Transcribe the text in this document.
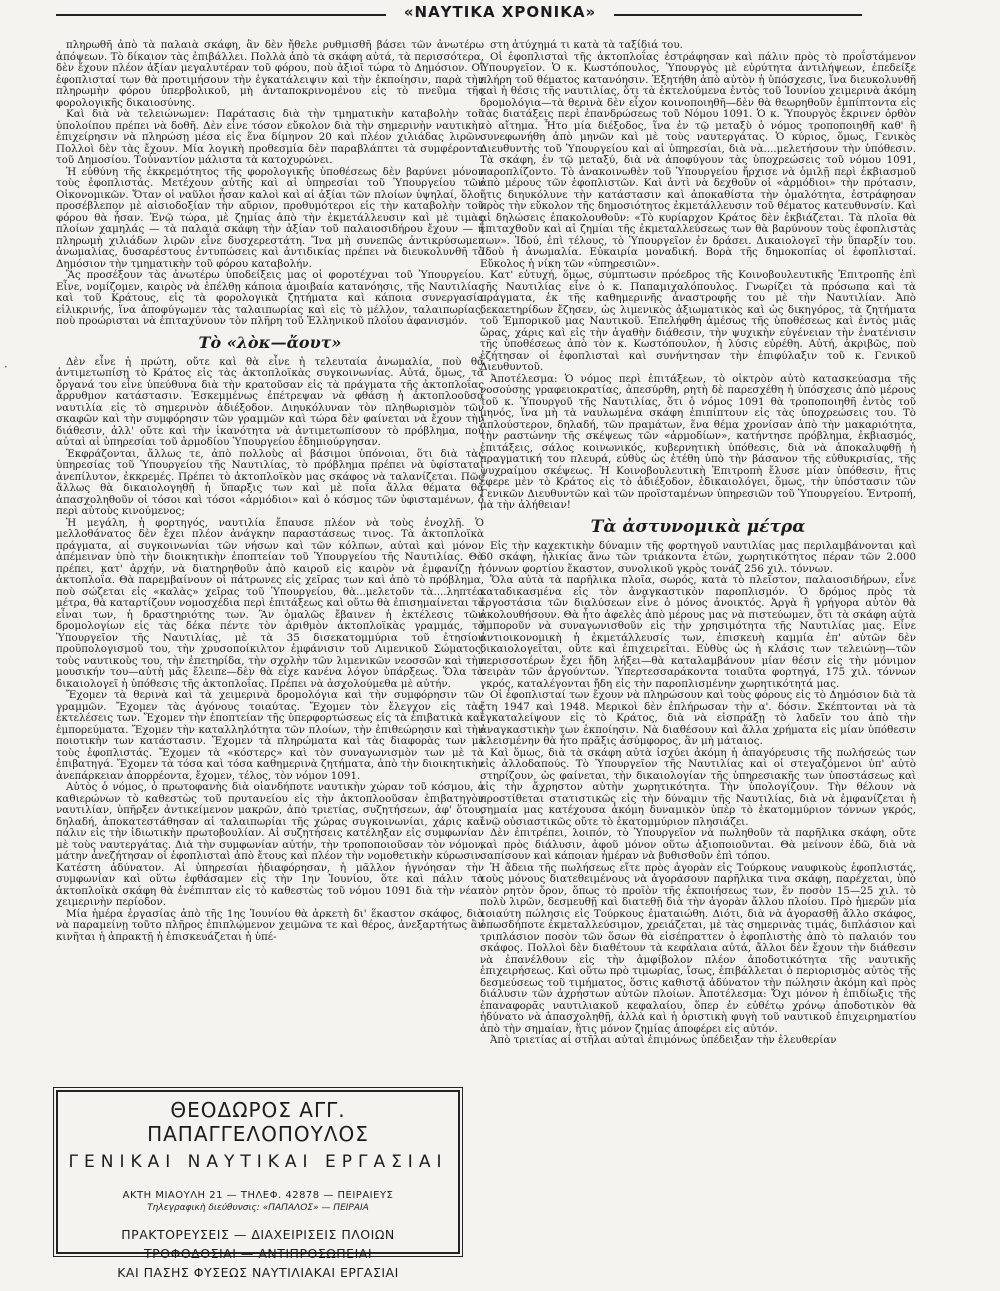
«ΝΑΥΤΙΚΑ ΧΡΟΝΙΚΑ»
·

πληρωθῆ ἀπὸ τὰ παλαιὰ σκάφη, ἂν δὲν ἤθελε ρυθμισθῆ βάσει τῶν ἀνωτέρω ἀπόψεων. Τὸ δίκαιον τὰς ἐπιβάλλει. Πολλὰ ἀπὸ τὰ σκάφη αὐτά, τὰ περισσότερα, δὲν ἔχουν πλέον ἀξίαν μεγαλυτέραν τοῦ φόρου, ποὺ ἀξιοῖ τώρα τὸ Δημόσιον. Οἱ ἐφοπλισταί των θὰ προτιμήσουν τὴν ἐγκατάλειψιν καὶ τὴν ἐκποίησιν, παρὰ τὴν πληρωμὴν φόρου ὑπερβολικοῦ, μὴ ἀνταποκρινομένου εἰς τὸ πνεῦμα τῆς φορολογικῆς δικαιοσύνης.

Καὶ διὰ νὰ τελειώνωμεν: Παράτασις διὰ τὴν τμηματικὴν καταβολὴν τοῦ ὑπολοίπου πρέπει νὰ δοθῆ. Δὲν εἶνε τόσον εὔκολον διὰ τὴν σημερινὴν ναυτικὴν ἐπιχείρησιν νὰ πληρώσῃ μέσα εἰς ἕνα δίμηνον 20 καὶ πλέον χιλιάδας λιρῶν. Πολλοὶ δὲν τὰς ἔχουν. Μία λογικὴ προθεσμία δὲν παραβλάπτει τὰ συμφέροντα τοῦ Δημοσίου. Τοὐναντίον μάλιστα τὰ κατοχυρώνει.

Ἡ εὐθύνη τῆς ἐκκρεμότητος τῆς φορολογικῆς ὑποθέσεως δὲν βαρύνει μόνον τοὺς ἐφοπλιστάς. Μετέχουν αὐτῆς καὶ αἱ ὑπηρεσίαι τοῦ Ὑπουργείου τῶν Οἰκονομικῶν. Ὅταν οἱ ναῦλοι ἦσαν καλοὶ καὶ αἱ ἀξίαι τῶν πλοίων ὑψηλαί, ὅλοι προσέβλεπον μὲ αἰσιοδοξίαν τὴν αὔριον, προθυμότεροι εἰς τὴν καταβολὴν τοῦ φόρου θὰ ἦσαν. Ἐνῷ τώρα, μὲ ζημίας ἀπὸ τὴν ἐκμετάλλευσιν καὶ μὲ τιμὰς πλοίων χαμηλάς — τὰ παλαιὰ σκάφη τὴν ἀξίαν τοῦ παλαιοσιδήρου ἔχουν — ἡ πληρωμὴ χιλιάδων λιρῶν εἶνε δυσχερεστάτη. Ἵνα μὴ συνεπῶς ἀντικρύσωμεν ἀνωμαλίας, δυσαρέστους ἐντυπώσεις καὶ ἀντιδικίας πρέπει νὰ διευκολυνθῆ τὸ Δημόσιον τὴν τμηματικὴν τοῦ φόρου καταβολήν.

Ἂς προσέξουν τὰς ἀνωτέρω ὑποδείξεις μας οἱ φοροτέχναι τοῦ Ὑπουργείου. Εἶνε, νομίζομεν, καιρὸς νὰ ἐπέλθῃ κάποια ἀμοιβαία κατανόησις, τῆς Ναυτιλίας καὶ τοῦ Κράτους, εἰς τὰ φορολογικὰ ζητήματα καὶ κάποια συνεργασία εἰλικρινής, ἵνα ἀποφύγωμεν τὰς ταλαιπωρίας καὶ εἰς τὸ μέλλον, ταλαιπωρίας, ποὺ προώρισται νὰ ἐπιταχύνουν τὸν πλῆρη τοῦ Ἑλληνικοῦ πλοΐου ἀφανισμόν.

Τὸ «λὸκ—ἄουτ»

Δὲν εἶνε ἡ πρώτη, οὔτε καὶ θὰ εἶνε ἡ τελευταία ἀνωμαλία, ποὺ θὰ ἀντιμετωπίσῃ τὸ Κράτος εἰς τὰς ἀκτοπλοϊκὰς συγκοινωνίας. Αὐτά, ὅμως, τὰ ὄργανά του εἶνε ὑπεύθυνα διὰ τὴν κρατοῦσαν εἰς τὰ πράγματα τῆς ἀκτοπλοΐας ἄρρυθμον κατάστασιν. Ἐσκεμμένως ἐπέτρεψαν νὰ φθάσῃ ἡ ἀκτοπλοοῦσα ναυτιλία εἰς τὸ σημερινὸν ἀδιέξοδον. Διηυκόλυναν τὸν πληθωρισμὸν τῶν σκαφῶν καὶ τὴν συμφόρησιν τῶν γραμμῶν καὶ τώρα δὲν φαίνεται νὰ ἔχουν τὴν διάθεσιν, ἀλλ' οὔτε καὶ τὴν ἱκανότητα νὰ ἀντιμετωπίσουν τὸ πρόβλημα, ποὺ αὐταὶ αἱ ὑπηρεσίαι τοῦ ἁρμοδίου Ὑπουργείου ἐδημιούργησαν.

Ἐκφράζονται, ἄλλως τε, ἀπὸ πολλοὺς αἱ βάσιμοι ὑπόνοιαι, ὅτι διὰ τὰς ὑπηρεσίας τοῦ Ὑπουργείου τῆς Ναυτιλίας, τὸ πρόβλημα πρέπει νὰ ὑφίσταται ἀνεπίλυτον, ἐκκρεμές. Πρέπει τὸ ἀκτοπλοϊκὸν μας σκάφος νὰ ταλανίζεται. Πῶς ἄλλως θὰ δικαιολογηθῆ ἡ ὕπαρξις των καὶ μὲ ποῖα ἄλλα θέματα θὰ ἀπασχοληθοῦν οἱ τόσοι καὶ τόσοι «ἁρμόδιοι» καὶ ὁ κόσμος τῶν ὑφισταμένων, ὁ περὶ αὐτοὺς κινούμενος;

Ἡ μεγάλη, ἡ φορτηγός, ναυτιλία ἔπαυσε πλέον νὰ τοὺς ἐνοχλῇ. Ὁ μελλοθάνατος δὲν ἔχει πλέον ἀνάγκην παραστάσεως τινος. Τὰ ἀκτοπλοϊκὰ πράγματα, αἱ συγκοινωνίαι τῶν νήσων καὶ τῶν κόλπων, αὐταὶ καὶ μόνον ἀπέμειναν ὑπὸ τὴν διοικητικὴν ἐποπτείαν τοῦ Ὑπουργείου τῆς Ναυτιλίας. Θὰ πρέπει, κατ' ἀρχήν, νὰ διατηρηθοῦν ἀπὸ καιροῦ εἰς καιρὸν νὰ ἐμφανίζῃ ἡ ἀκτοπλοΐα. Θὰ παρεμβαίνουν οἱ πάτρωνες εἰς χεῖρας των καὶ ἀπὸ τὸ πρόβλημα, ποὺ σώζεται εἰς «καλὰς» χεῖρας τοῦ Ὑπουργείου, θὰ...μελετοῦν τὰ....ληπτέα μέτρα, θὰ καταρτίζουν νομοσχέδια περὶ ἐπιτάξεως καὶ οὕτω θὰ ἐπισημαίνεται τὸ εἶναι των, ἡ δραστηριότης των. Ἂν ὁμαλῶς ἔβαινεν ἡ ἐκτέλεσις τῶν δρομολογίων εἰς τὰς δέκα πέντε τὸν ἀριθμὸν ἀκτοπλοϊκὰς γραμμάς, τὸ Ὑπουργεῖον τῆς Ναυτιλίας, μὲ τὰ 35 δισεκατομμύρια τοῦ ἐτησίου προϋπολογισμοῦ του, τὴν χρυσοποίκιλτον ἐμφάνισιν τοῦ Λιμενικοῦ Σώματος, τοὺς ναυτικοὺς του, τὴν ἐπετηρίδα, τὴν σχολὴν τῶν λιμενικῶν νεοσσῶν καὶ τὴν μουσικήν του—αὐτὴ μᾶς ἔλειπε—δὲν θὰ εἶχε κανένα λόγον ὑπάρξεως. Ὅλα τὰ δικαιολογεῖ ἡ ὑπόθεσις τῆς ἀκτοπλοΐας. Πρέπει νὰ ἀσχολούμεθα μὲ αὐτήν.

Ἔχομεν τὰ θερινὰ καὶ τὰ χειμερινὰ δρομολόγια καὶ τὴν συμφόρησιν τῶν γραμμῶν. Ἔχομεν τὰς ἀγόνους τοιαύτας. Ἔχομεν τὸν ἔλεγχον εἰς τὰς ἐκτελέσεις των. Ἔχομεν τὴν ἐποπτείαν τῆς ὑπερφορτώσεως εἰς τὰ ἐπιβατικὰ καὶ ἐμπορεύματα. Ἔχομεν τὴν καταλληλότητα τῶν πλοίων, τὴν ἐπιθεώρησιν καὶ τὴν ποιοτικὴν των κατάστασιν. Ἔχομεν τὰ πληρώματα καὶ τὰς διαφορὰς των μὲ τοὺς ἐφοπλιστάς. Ἔχομεν τὰ «κόστερς» καὶ τὸν συναγωνισμὸν των μὲ τὰ ἐπιβατηγά. Ἔχομεν τὰ τόσα καὶ τόσα καθημερινὰ ζητήματα, ἀπὸ τὴν διοικητικὴν ἀνεπάρκειαν ἀπορρέοντα, ἔχομεν, τέλος, τὸν νόμον 1091.

Αὐτὸς ὁ νόμος, ὁ πρωτοφανὴς διὰ οἱανδήποτε ναυτικὴν χώραν τοῦ κόσμου, ὁ καθιερώνων τὸ καθεστὼς τοῦ πρυτανείου εἰς τὴν ἀκτοπλοοῦσαν ἐπιβατηγὸν ναυτιλίαν, ὑπῆρξεν ἀντικείμενον μακρῶν, ἀπὸ τριετίας, συζητήσεων, ἀφ' ὅτου, δηλαδή, ἀποκατεστάθησαν αἱ ταλαιπωρίαι τῆς χώρας συγκοινωνίαι, χάρις καὶ πάλιν εἰς τὴν ἰδιωτικὴν πρωτοβουλίαν. Αἱ συζητήσεις κατέληξαν εἰς συμφωνίαν μὲ τοὺς ναυτεργάτας. Διὰ τὴν συμφωνίαν αὐτήν, τὴν τροποποιοῦσαν τὸν νόμον, μάτην ἀνεζήτησαν οἱ ἐφοπλισταὶ ἀπὸ ἔτους καὶ πλέον τὴν νομοθετικὴν κύρωσιν. Κατέστη ἀδύνατον. Αἱ ὑπηρεσίαι ἠδιαφόρησαν, ἡ μᾶλλον ἠγνόησαν τὴν συμφωνίαν καὶ οὕτω ἐφθάσαμεν εἰς τὴν 1ην Ἰουνίου, ὅτε καὶ πάλιν τὰ ἀκτοπλοϊκὰ σκάφη θὰ ἐνέπιπταν εἰς τὸ καθεστὼς τοῦ νόμου 1091 διὰ τὴν νέαν χειμερινὴν περίοδον.

Μία ἡμέρα ἐργασίας ἀπὸ τῆς 1ης Ἰουνίου θὰ ἀρκετὴ δι' ἕκαστον σκάφος, διὰ νὰ παραμείνῃ τοῦτο πλῆρος ἐπιπλῴμενον χειμῶνα τε καὶ θέρος, ἀνεξαρτήτως ἂν κινῆται ἡ ἀπρακτῇ ἡ ἐπισκευάζεται ἡ ὑπέ-

ΘΕΟΔΩΡΟΣ ΑΓΓ. ΠΑΠΑΓΓΕΛΟΠΟΥΛΟΣ
ΓΕΝΙΚΑΙ ΝΑΥΤΙΚΑΙ ΕΡΓΑΣΙΑΙ
ΑΚΤΗ ΜΙΑΟΥΛΗ 21 — ΤΗΛΕΦ. 42878 — ΠΕΙΡΑΙΕΥΣ
Τηλεγραφικὴ διεύθυνσις: «ΠΑΠΑΛΟΣ» — ΠΕΙΡΑΙΑ
ΠΡΑΚΤΟΡΕΥΣΕΙΣ — ΔΙΑΧΕΙΡΙΣΕΙΣ ΠΛΟΙΩΝ
ΤΡΟΦΟΔΟΣΙΑΙ — ΑΝΤΙΠΡΟΣΩΠΕΙΑΙ
ΚΑΙ ΠΑΣΗΣ ΦΥΣΕΩΣ ΝΑΥΤΙΛΙΑΚΑΙ ΕΡΓΑΣΙΑΙ

στη ἀτύχημά τι κατὰ τὰ ταξίδιά του.

Οἱ ἐφοπλισταὶ τῆς ἀκτοπλοΐας ἐστράφησαν καὶ πάλιν πρὸς τὸ προΐστάμενον Ὑπουργεῖον. Ὁ κ. Κωστόπουλος, Ὑπουργὸς μὲ εὐρύτητα ἀντιλήψεων, ἐπεδείξε πλήρη τοῦ θέματος κατανόησιν. Ἐξητήθη ἀπὸ αὐτὸν ἡ ὑπόσχεσις, ἵνα διευκολυνθῆ καὶ ἡ θέσις τῆς ναυτιλίας, ὅτι τὰ ἐκτελούμενα ἐντὸς τοῦ Ἰουνίου χειμερινὰ ἀκόμη δρομολόγια—τὰ θερινὰ δὲν εἶχον κοινοποιηθῆ—δὲν θὰ θεωρηθοῦν ἐμπίπτοντα εἰς τὰς διατάξεις περὶ ἐπανδρώσεως τοῦ Νόμου 1091. Ὁ κ. Ὑπουργὸς ἔκρινεν ὀρθὸν τὸ αἴτημα. Ἦτο μία διέξοδος, ἵνα ἐν τῷ μεταξὺ ὁ νόμος τροποποιηθῆ καθ' ἣ συνεφωνήθη ἀπὸ μηνῶν καὶ μὲ τοὺς ναυτεργάτας. Ὁ κύριος, ὅμως, Γενικὸς Διευθυντὴς τοῦ Ὑπουργείου καὶ αἱ ὑπηρεσίαι, διὰ νὰ....μελετήσουν τὴν ὑπόθεσιν. Τὰ σκάφη, ἐν τῷ μεταξύ, διὰ νὰ ἀποφύγουν τὰς ὑποχρεώσεις τοῦ νόμου 1091, παροπλίζοντο. Τὸ ἀνακοινωθὲν τοῦ Ὑπουργείου ἤρχισε νὰ ὁμιλῇ περὶ ἐκβιασμοῦ ἀπὸ μέρους τῶν ἐφοπλιστῶν. Καὶ ἀντὶ νὰ δεχθοῦν οἱ «ἁρμόδιοι» τὴν πρότασιν, ἥτις διηυκόλυνε τὴν κατάστασιν καὶ ἀποκαθίστα τὴν ὁμαλότητα, ἐστράφησαν πρὸς τὴν εὔκολον τῆς δημοσιότητος ἐκμετάλλευσιν τοῦ θέματος κατευθυνσίν. Καὶ αἱ δηλώσεις ἐπακολουθοῦν: «Τὸ κυρίαρχον Κράτος δὲν ἐκβιάζεται. Τὰ πλοῖα θὰ ἐπιταχθοῦν καὶ αἱ ζημίαι τῆς ἐκμεταλλεύσεως των θὰ βαρύνουν τοὺς ἐφοπλιστὰς των». Ἰδού, ἐπὶ τέλους, τὸ Ὑπουργεῖον ἐν δράσει. Δικαιολογεῖ τὴν ὕπαρξίν του. Ἰδοὺ ἡ ἀνωμαλία. Εὐκαιρία μοναδική. Βορὰ τῆς δημοκοπίας οἱ ἐφοπλισταί. Εὔκολος ἡ νίκη τῶν «ὑπηρεσιῶν».

Κατ' εὐτυχή, ὅμως, σύμπτωσιν πρόεδρος τῆς Κοινοβουλευτικῆς Ἐπιτροπῆς ἐπὶ τῆς Ναυτιλίας εἶνε ὁ κ. Παπαμιχαλόπουλος. Γνωρίζει τὰ πρόσωπα καὶ τὰ πράγματα, ἐκ τῆς καθημερινῆς ἀναστροφῆς του μὲ τὴν Ναυτιλίαν. Ἀπὸ δεκαετηρίδων ἔζησεν, ὡς λιμενικὸς ἀξιωματικὸς καὶ ὡς δικηγόρος, τὰ ζητήματα τοῦ Ἐμπορικοῦ μας Ναυτικοῦ. Ἐπελήφθη ἀμέσως τῆς ὑποθέσεως καὶ ἐντὸς μιᾶς ὥρας, χάρις καὶ εἰς τὴν ἀγαθὴν διάθεσιν, τὴν ψυχικὴν εὐγένειαν τὴν ἐνατένισιν τῆς ὑποθέσεως ἀπὸ τὸν κ. Κωστόπουλον, ἡ λύσις εὑρέθη. Αὐτή, ἀκριβῶς, ποὺ ἐζήτησαν οἱ ἐφοπλισταὶ καὶ συνήντησαν τὴν ἐπιφύλαξιν τοῦ κ. Γενικοῦ Διευθυντοῦ.

Ἀποτέλεσμα: Ὁ νόμος περὶ ἐπιτάξεων, τὸ οἰκτρὸν αὐτὸ κατασκεύασμα τῆς νοσούσης γραφειοκρατίας, ἀπεσύρθη, ρητὴ δὲ παρεσχέθη ἡ ὑπόσχεσις ἀπὸ μέρους τοῦ κ. Ὑπουργοῦ τῆς Ναυτιλίας, ὅτι ὁ νόμος 1091 θὰ τροποποιηθῆ ἐντὸς τοῦ μηνός, ἵνα μὴ τὰ ναυλωμένα σκάφη ἐπιπίπτουν εἰς τὰς ὑποχρεώσεις του. Τὸ ἁπλούστερον, δηλαδή, τῶν πραμάτων, ἕνα θέμα χρονίσαν ἀπὸ τὴν μακαριότητα, τὴν ραστώνην τῆς σκέψεως τῶν «ἁρμοδίων», κατήντησε πρόβλημα, ἐκβιασμός, ἐπιτάξεις, σάλος κοινωνικός, κυβερνητικὴ ὑπόθεσις, διὰ νὰ ἀποκαλυφθῇ ἡ πραγματική του πλευρά, εὐθὺς ὡς ἐτέθη ὑπὸ τὴν βάσανον τῆς εὐθυκρισίας, τῆς ψυχραίμου σκέψεως. Ἡ Κοινοβουλευτικὴ Ἐπιτροπὴ ἔλυσε μίαν ὑπόθεσιν, ἥτις ἔφερε μὲν τὸ Κράτος εἰς τὸ ἀδιέξοδον, ἐδικαιολόγει, ὅμως, τὴν ὑπόστασιν τῶν Γενικῶν Διευθυντῶν καὶ τῶν προϊσταμένων ὑπηρεσιῶν τοῦ Ὑπουργείου. Ἐντροπή, μὰ τὴν ἀλήθειαν!

Τὰ ἀστυνομικὰ μέτρα

Εἰς τὴν καχεκτικὴν δύναμιν τῆς φορτηγοῦ ναυτιλίας μας περιλαμβάνονται καὶ 60 σκάφη, ἡλικίας ἄνω τῶν τριάκοντα ἐτῶν, χωρητικότητος πέραν τῶν 2.000 τόννων φορτίου ἕκαστον, συνολικοῦ γκρὸς τονάζ 256 χιλ. τόννων.

Ὅλα αὐτὰ τὰ παρῆλικα πλοῖα, σωρός, κατὰ τὸ πλεῖστον, παλαιοσιδήρων, εἶνε καταδικασμένα εἰς τὸν ἀναγκαστικὸν παροπλισμόν. Ὁ δρόμος πρὸς τὰ ἐργοστάσια τῶν διαλύσεων εἶνε ὁ μόνος ἀνοικτός. Ἀργὰ ἢ γρήγορα αὐτὸν θὰ ἀκολουθήσουν. Θὰ ἦτο ἀφελὲς ἀπὸ μέρους μας νὰ πιστεύωμεν, ὅτι τὰ σκάφη αὐτὰ ἠμποροῦν νὰ συναγωνισθοῦν εἰς τὴν χρησιμότητα τῆς Ναυτιλίας μας. Εἶνε ἀντιοικονομικὴ ἡ ἐκμετάλλευσίς των, ἐπισκευὴ καμμία ἐπ' αὐτῶν δὲν δικαιολογεῖται, οὔτε καὶ ἐπιχειρεῖται. Εὐθὺς ὡς ἡ κλάσις των τελειώνῃ—τῶν περισσοτέρων ἔχει ἤδη λήξει—θὰ καταλαμβάνουν μίαν θέσιν εἰς τὴν μόνιμον σειρὰν τῶν ἀργούντων. Ὑπερτεσσαράκοντα τοιαῦτα φορτηγά, 175 χιλ. τόννων γκρός, καταλέγονται ἤδη εἰς τὴν παροπλισμένην χωρητικότητά μας.

Οἱ ἐφοπλισταί των ἔχουν νὰ πληρώσουν καὶ τοὺς φόρους εἰς τὸ Δημόσιον διὰ τὰ ἔτη 1947 καὶ 1948. Μερικοὶ δὲν ἐπλήρωσαν τὴν α'. δόσιν. Σκέπτονται νὰ τὰ ἐγκαταλείψουν εἰς τὸ Κράτος, διὰ νὰ εἰσπράξῃ τὸ λαδεῖν του ἀπὸ τὴν ἀναγκαστικὴν των ἐκποίησιν. Νὰ διαθέσουν καὶ ἄλλα χρήματα εἰς μίαν ὑπόθεσιν κλεισμένην θὰ ἦτο πρᾶξις ἀσύμφορος, ἂν μὴ μάταιος.

Καὶ ὅμως, διὰ τὰ σκάφη αὐτὰ ἰσχύει ἀκόμη ἡ ἀπαγόρευσις τῆς πωλήσεώς των εἰς ἀλλοδαπούς. Τὸ Ὑπουργεῖον τῆς Ναυτιλίας καὶ οἱ στεγαζόμενοι ὑπ' αὐτὸ στηρίζουν, ὡς φαίνεται, τὴν δικαιολογίαν τῆς ὑπηρεσιακῆς των ὑποστάσεως καὶ εἰς τὴν ἄχρηστον αὐτὴν χωρητικότητα. Τὴν ὑπολογίζουν. Τὴν θέλουν νὰ προστίθεται στατιστικῶς εἰς τὴν δύναμιν τῆς Ναυτιλίας, διὰ νὰ ἐμφανίζεται ἡ σημαία μας κατέχουσα ἀκόμη δυναμικὸν ὑπὲρ τὸ ἑκατομμύριον τόννων γκρός, ἐνῷ οὐσιαστικῶς οὔτε τὸ ἑκατομμύριον πλησιάζει.

Δὲν ἐπιτρέπει, λοιπόν, τὸ Ὑπουργεῖον νὰ πωληθοῦν τὰ παρῆλικα σκάφη, οὔτε καὶ πρὸς διάλυσιν, ἀφοῦ μόνον οὕτω ἀξιοποιοῦνται. Θὰ μείνουν ἐδῶ, διὰ νὰ σαπίσουν καὶ κάποιαν ἡμέραν νὰ βυθισθοῦν ἐπὶ τόπου.

Ἡ ἄδεια τῆς πωλήσεως εἴτε πρὸς ἀγορὰν εἰς Τούρκους ναυφικοὺς ἐφοπλιστάς, τοὺς μόνους διατεθειμένους νὰ ἀγοράσουν παρῆλικα τινα σκάφη, παρέχεται, ὑπὸ τὸν ρητὸν ὅρον, ὅπως τὸ προϊὸν τῆς ἐκποιήσεως των, ἕν ποσὸν 15—25 χιλ. τὸ πολὺ λιρῶν, δεσμευθῇ καὶ διατεθῇ διὰ τὴν ἀγορὰν ἄλλου πλοίου. Πρὸ ἡμερῶν μία τοιαύτη πώλησις εἰς Τούρκους ἐματαιώθη. Διότι, διὰ νὰ ἀγορασθῇ ἄλλο σκάφος, ὁπωσδήποτε ἐκμεταλλεύσιμον, χρειάζεται, μὲ τὰς σημερινὰς τιμάς, διπλάσιον καὶ τριπλάσιον ποσὸν τῶν ὅσων θὰ εἰσέπραττεν ὁ ἐφοπλιστὴς ἀπὸ τὸ παλαιόν του σκάφος. Πολλοὶ δὲν διαθέτουν τὰ κεφάλαια αὐτά, ἄλλοι δὲν ἔχουν τὴν διάθεσιν νὰ ἐπανέλθουν εἰς τὴν ἀμφίβολον πλέον ἀποδοτικότητα τῆς ναυτικῆς ἐπιχειρήσεως. Καὶ οὕτω πρὸ τιμωρίας, ἴσως, ἐπιβάλλεται ὁ περιορισμὸς αὐτὸς τῆς δεσμεύσεως τοῦ τιμήματος, ὅστις καθιστᾷ ἀδύνατον τὴν πώλησιν ἀκόμη καὶ πρὸς διάλυσιν τῶν ἀχρήστων αὐτῶν πλοίων. Ἀποτέλεσμα: Ὄχι μόνον ἡ ἐπιδίωξις τῆς ἐπαναφορᾶς ναυτιλιακοῦ κεφαλαίου, ὅπερ ἐν εὐθέτῳ χρόνῳ ἀποδοτικὸν θὰ ἠδύνατο νὰ ἀπασχοληθῇ, ἀλλὰ καὶ ἡ ὁριστικὴ φυγὴ τοῦ ναυτικοῦ ἐπιχειρηματίου ἀπὸ τὴν σημαίαν, ἥτις μόνον ζημίας ἀποφέρει εἰς αὐτόν.

Ἀπὸ τριετίας αἱ στῆλαι αὐταὶ ἐπιμόνως ὑπέδειξαν τὴν ἐλευθερίαν
